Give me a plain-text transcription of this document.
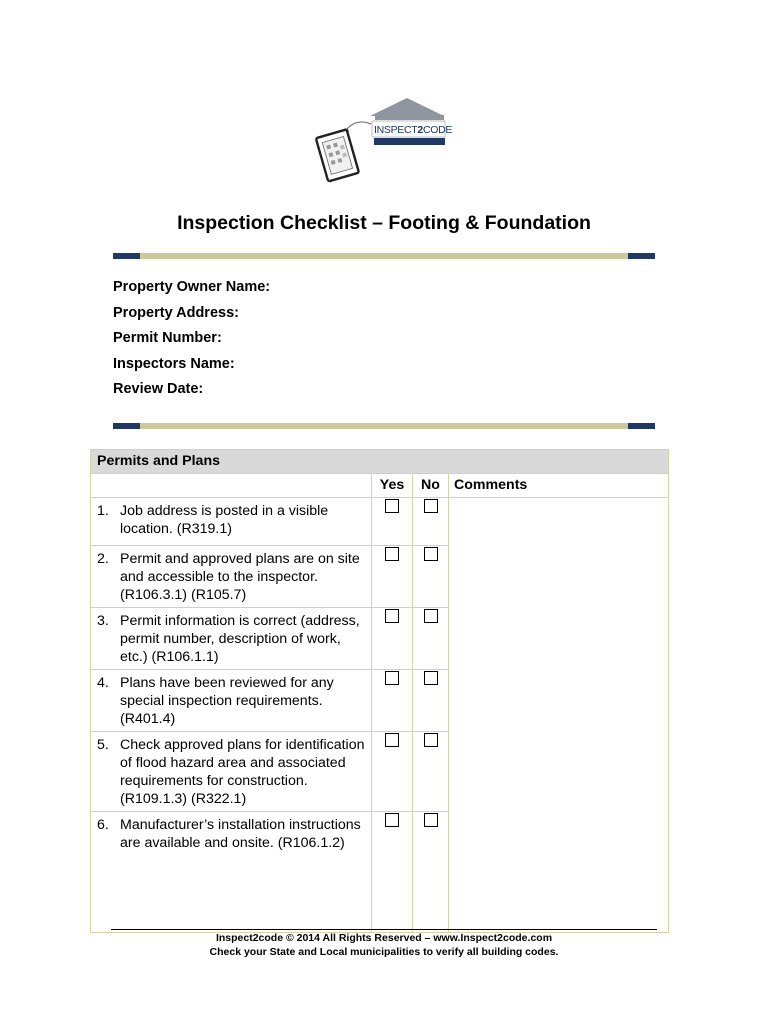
INSPECT2CODE
Inspection Checklist – Footing & Foundation
Property Owner Name:
Property Address:
Permit Number:
Inspectors Name:
Review Date:
Permits and Plans			
	Yes	No	Comments

1. Job address is posted in a visible location. (R319.1)			

2. Permit and approved plans are on site and accessible to the inspector. (R106.3.1) (R105.7)			

3. Permit information is correct (address, permit number, description of work, etc.) (R106.1.1)			

4. Plans have been reviewed for any special inspection requirements. (R401.4)			

5. Check approved plans for identification of flood hazard area and associated requirements for construction. (R109.1.3) (R322.1)			

6. Manufacturer’s installation instructions are available and onsite. (R106.1.2)			

Inspect2code © 2014 All Rights Reserved – www.Inspect2code.com
Check your State and Local municipalities to verify all building codes.
